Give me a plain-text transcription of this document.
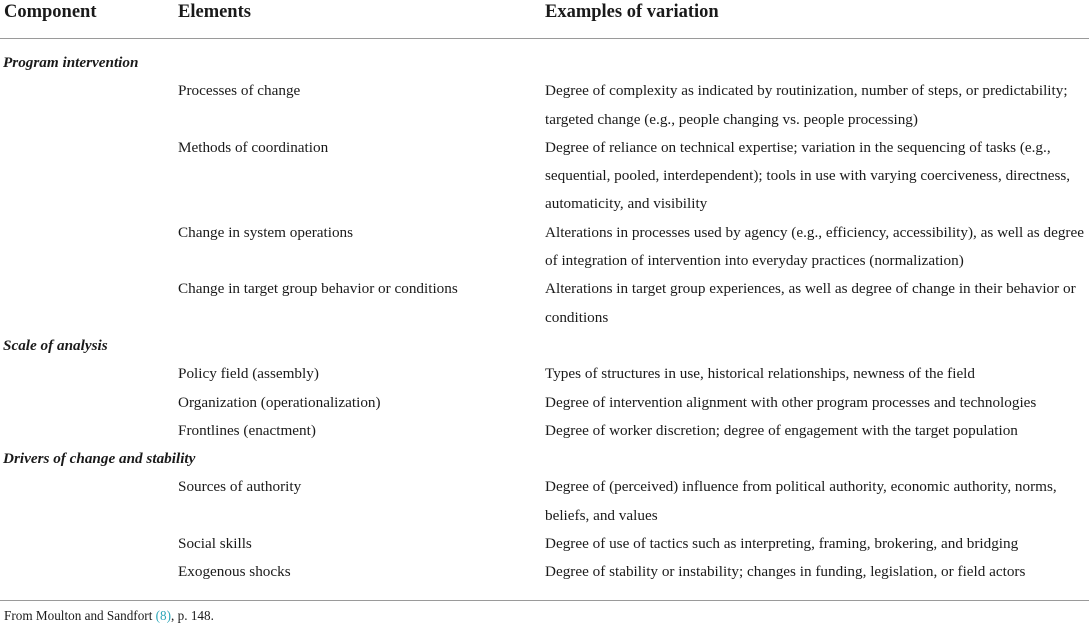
Component	Elements	Examples of variation

Program intervention		
	Processes of change	Degree of complexity as indicated by routinization, number of steps, or predictability; targeted change (e.g., people changing vs. people processing)
	Methods of coordination	Degree of reliance on technical expertise; variation in the sequencing of tasks (e.g., sequential, pooled, interdependent); tools in use with varying coerciveness, directness, automaticity, and visibility
	Change in system operations	Alterations in processes used by agency (e.g., efficiency, accessibility), as well as degree of integration of intervention into everyday practices (normalization)
	Change in target group behavior or conditions	Alterations in target group experiences, as well as degree of change in their behavior or conditions
Scale of analysis		
	Policy field (assembly)	Types of structures in use, historical relationships, newness of the field
	Organization (operationalization)	Degree of intervention alignment with other program processes and technologies
	Frontlines (enactment)	Degree of worker discretion; degree of engagement with the target population
Drivers of change and stability		
	Sources of authority	Degree of (perceived) influence from political authority, economic authority, norms, beliefs, and values
	Social skills	Degree of use of tactics such as interpreting, framing, brokering, and bridging
	Exogenous shocks	Degree of stability or instability; changes in funding, legislation, or field actors
From Moulton and Sandfort (8), p. 148.
